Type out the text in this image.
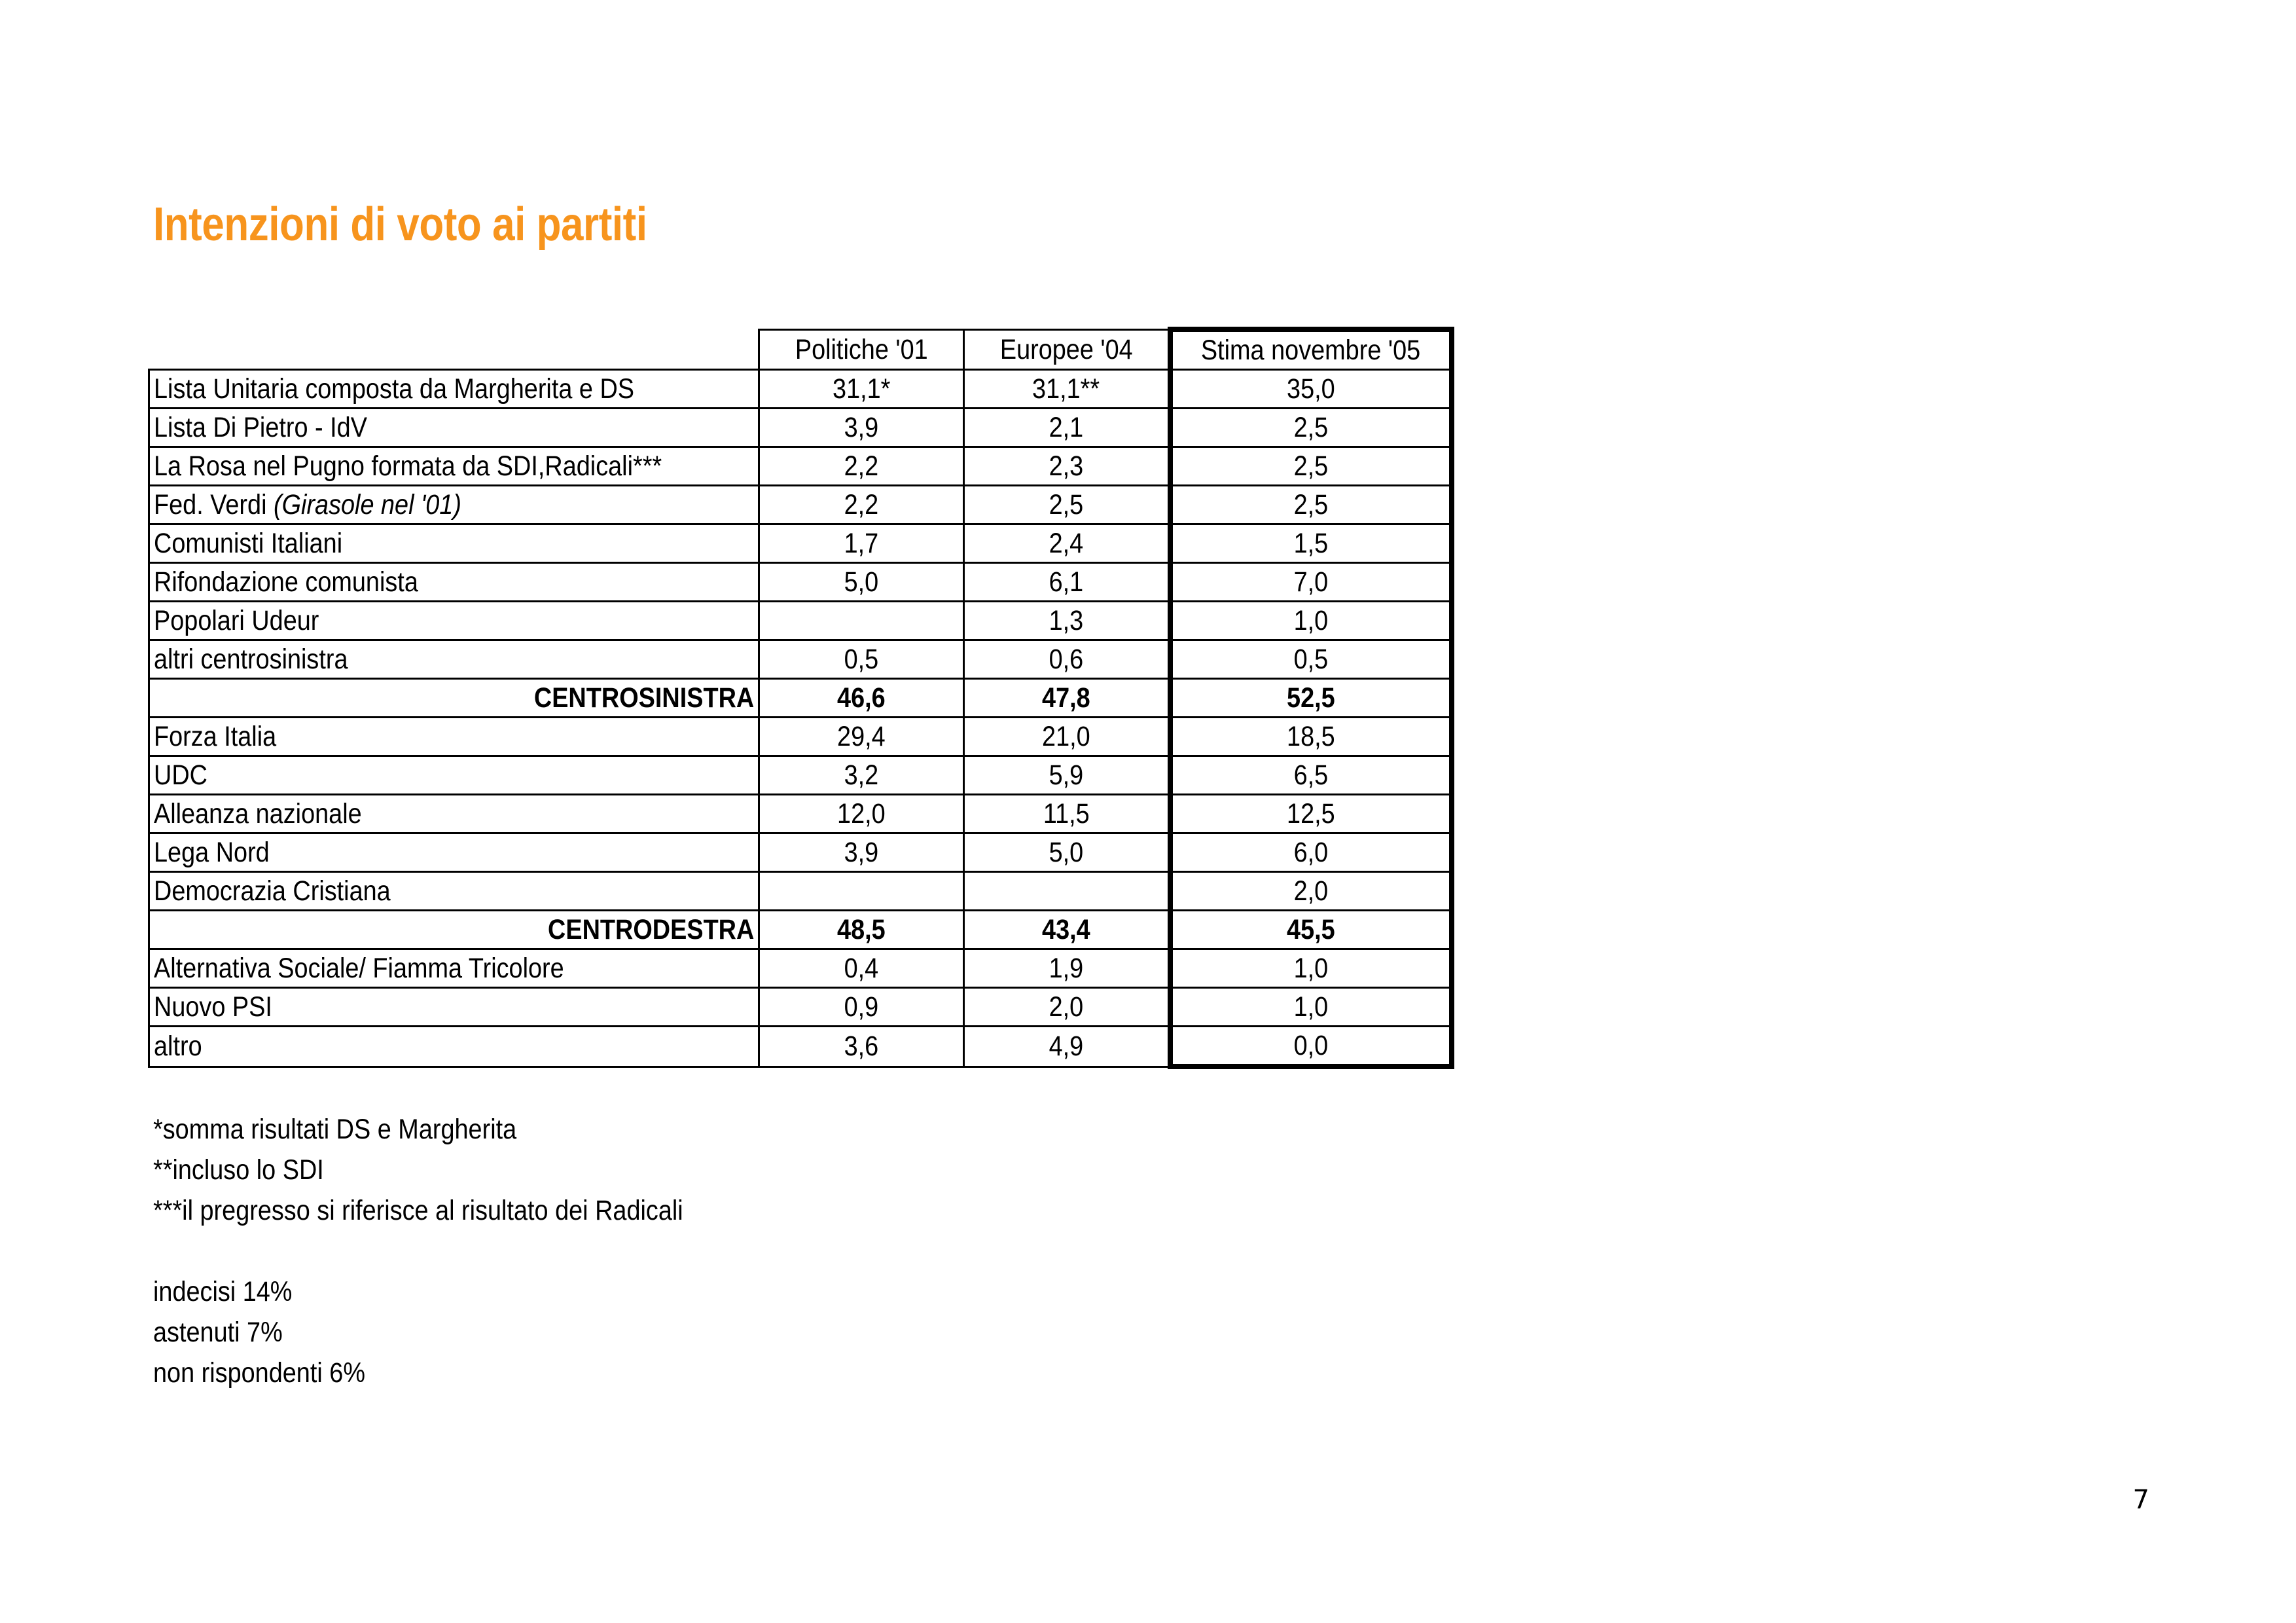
Intenzioni di voto ai partiti
	Politiche '01	Europee '04	Stima novembre '05
Lista Unitaria composta da Margherita e DS	31,1*	31,1**	35,0
Lista Di Pietro - IdV	3,9	2,1	2,5
La Rosa nel Pugno formata da SDI,Radicali***	2,2	2,3	2,5
Fed. Verdi (Girasole nel '01)	2,2	2,5	2,5
Comunisti Italiani	1,7	2,4	1,5
Rifondazione comunista	5,0	6,1	7,0
Popolari Udeur		1,3	1,0
altri centrosinistra	0,5	0,6	0,5
CENTROSINISTRA	46,6	47,8	52,5
Forza Italia	29,4	21,0	18,5
UDC	3,2	5,9	6,5
Alleanza nazionale	12,0	11,5	12,5
Lega Nord	3,9	5,0	6,0
Democrazia Cristiana			2,0
CENTRODESTRA	48,5	43,4	45,5
Alternativa Sociale/ Fiamma Tricolore	0,4	1,9	1,0
Nuovo PSI	0,9	2,0	1,0
altro	3,6	4,9	0,0
*somma risultati DS e Margherita
**incluso lo SDI
***il pregresso si riferisce al risultato dei Radicali
indecisi 14%
astenuti 7%
non rispondenti 6%
7
